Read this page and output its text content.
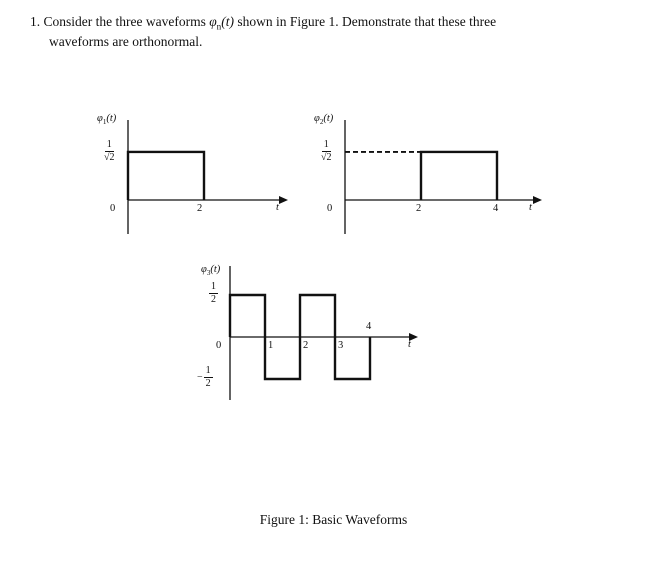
1. Consider the three waveforms $\varphi_n(t)$ shown in Figure 1. Demonstrate that these three
waveforms are orthonormal.
$\varphi_1(t)$
$\frac{1}{√2}$
0	2	t
$\varphi_2(t)$
$\frac{1}{√2}$
0	2	4	t
$\varphi_3(t)$
$\frac{1}{2}$
− $\frac{1}{2}$
0	1	2	3
4
t
Figure 1: Basic Waveforms
